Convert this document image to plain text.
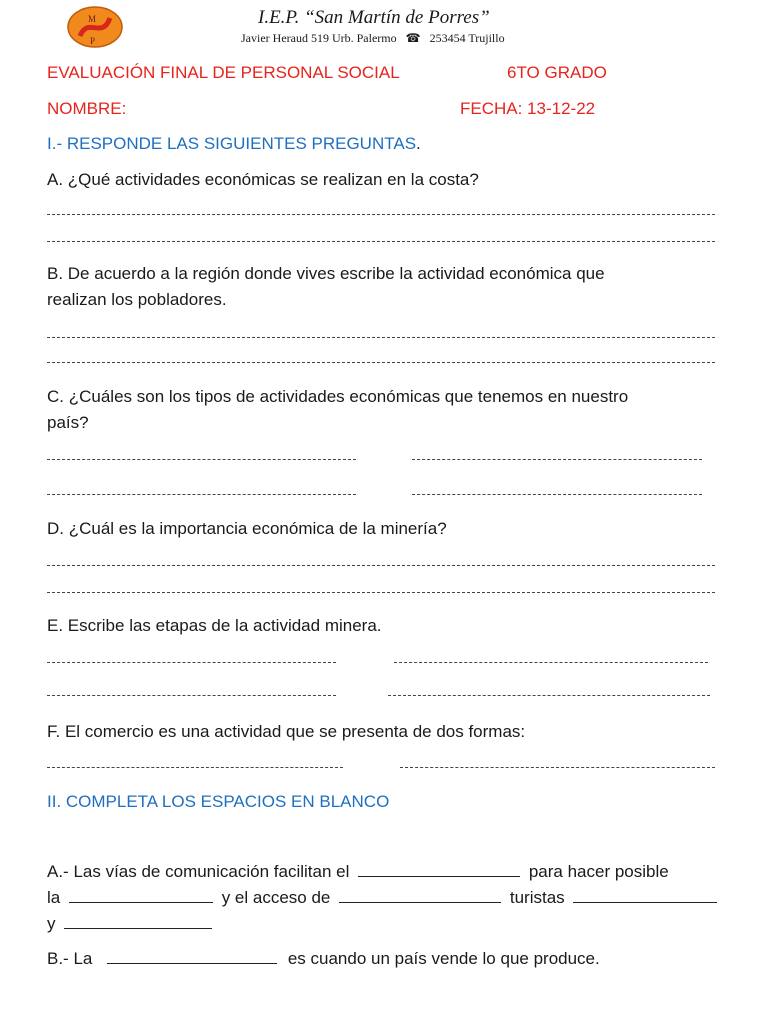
M
P
I.E.P. “San Martín de Porres”
Javier Heraud 519 Urb. Palermo ☎ 253454 Trujillo
EVALUACIÓN FINAL DE PERSONAL SOCIAL	6TO GRADO
NOMBRE:	FECHA: 13-12-22
I.- RESPONDE LAS SIGUIENTES PREGUNTAS.
A. ¿Qué actividades económicas se realizan en la costa?
B. De acuerdo a la región donde vives escribe la actividad económica que
realizan los pobladores.
C. ¿Cuáles son los tipos de actividades económicas que tenemos en nuestro
país?
D. ¿Cuál es la importancia económica de la minería?
E. Escribe las etapas de la actividad minera.
F. El comercio es una actividad que se presenta de dos formas:
II. COMPLETA LOS ESPACIOS EN BLANCO
A.- Las vías de comunicación facilitan el	para hacer posible
la	y el acceso de	turistas
y
B.- La	es cuando un país vende lo que produce.
